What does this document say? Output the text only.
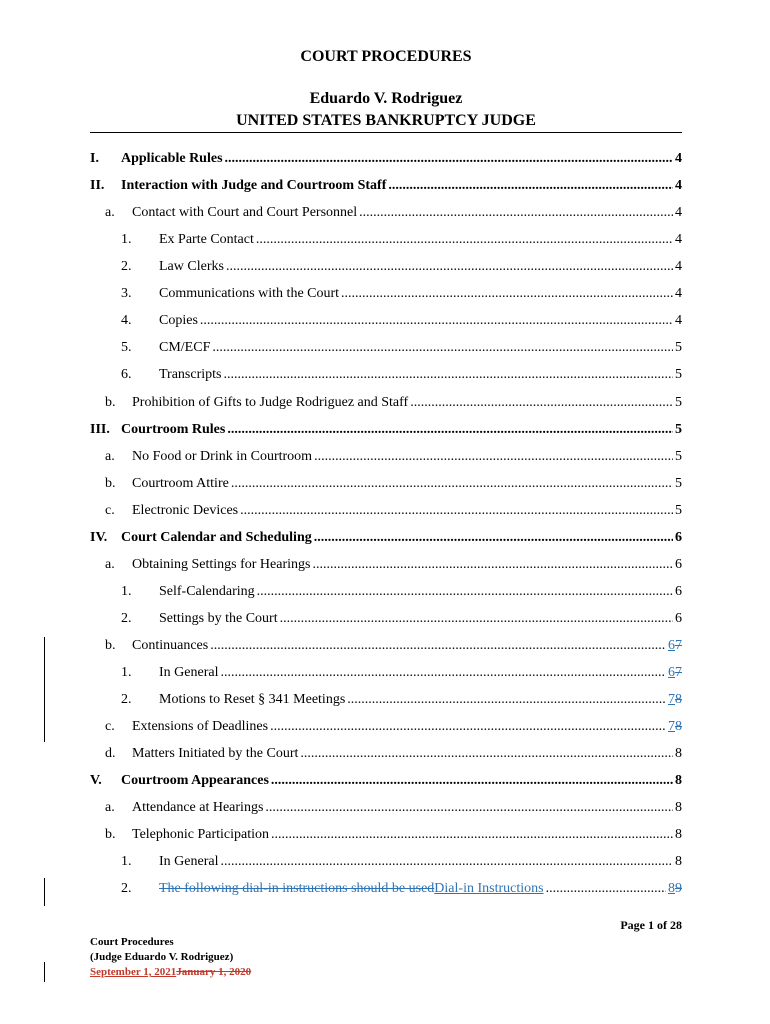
COURT PROCEDURES
Eduardo V. Rodriguez
UNITED STATES BANKRUPTCY JUDGE
I.	Applicable Rules .....	4
II.	Interaction with Judge and Courtroom Staff .....	4
a.	Contact with Court and Court Personnel .....	4
1.	Ex Parte Contact .....	4
2.	Law Clerks .....	4
3.	Communications with the Court .....	4
4.	Copies .....	4
5.	CM/ECF .....	5
6.	Transcripts .....	5
b.	Prohibition of Gifts to Judge Rodriguez and Staff .....	5
III. Courtroom Rules .....	5
a.	No Food or Drink in Courtroom .....	5
b.	Courtroom Attire .....	5
c.	Electronic Devices .....	5
IV. Court Calendar and Scheduling .....	6
a.	Obtaining Settings for Hearings .....	6
1.	Self-Calendaring .....	6
2.	Settings by the Court .....	6
b.	Continuances .....	67
1.	In General .....	67
2.	Motions to Reset § 341 Meetings .....	78
c.	Extensions of Deadlines .....	78
d.	Matters Initiated by the Court .....	8
V.	Courtroom Appearances .....	8
a.	Attendance at Hearings .....	8
b.	Telephonic Participation .....	8
1.	In General .....	8
2.	The following dial-in instructions should be usedDial-in Instructions .....	89
Page 1 of 28
Court Procedures
(Judge Eduardo V. Rodriguez)
September 1, 2021January 1, 2020
